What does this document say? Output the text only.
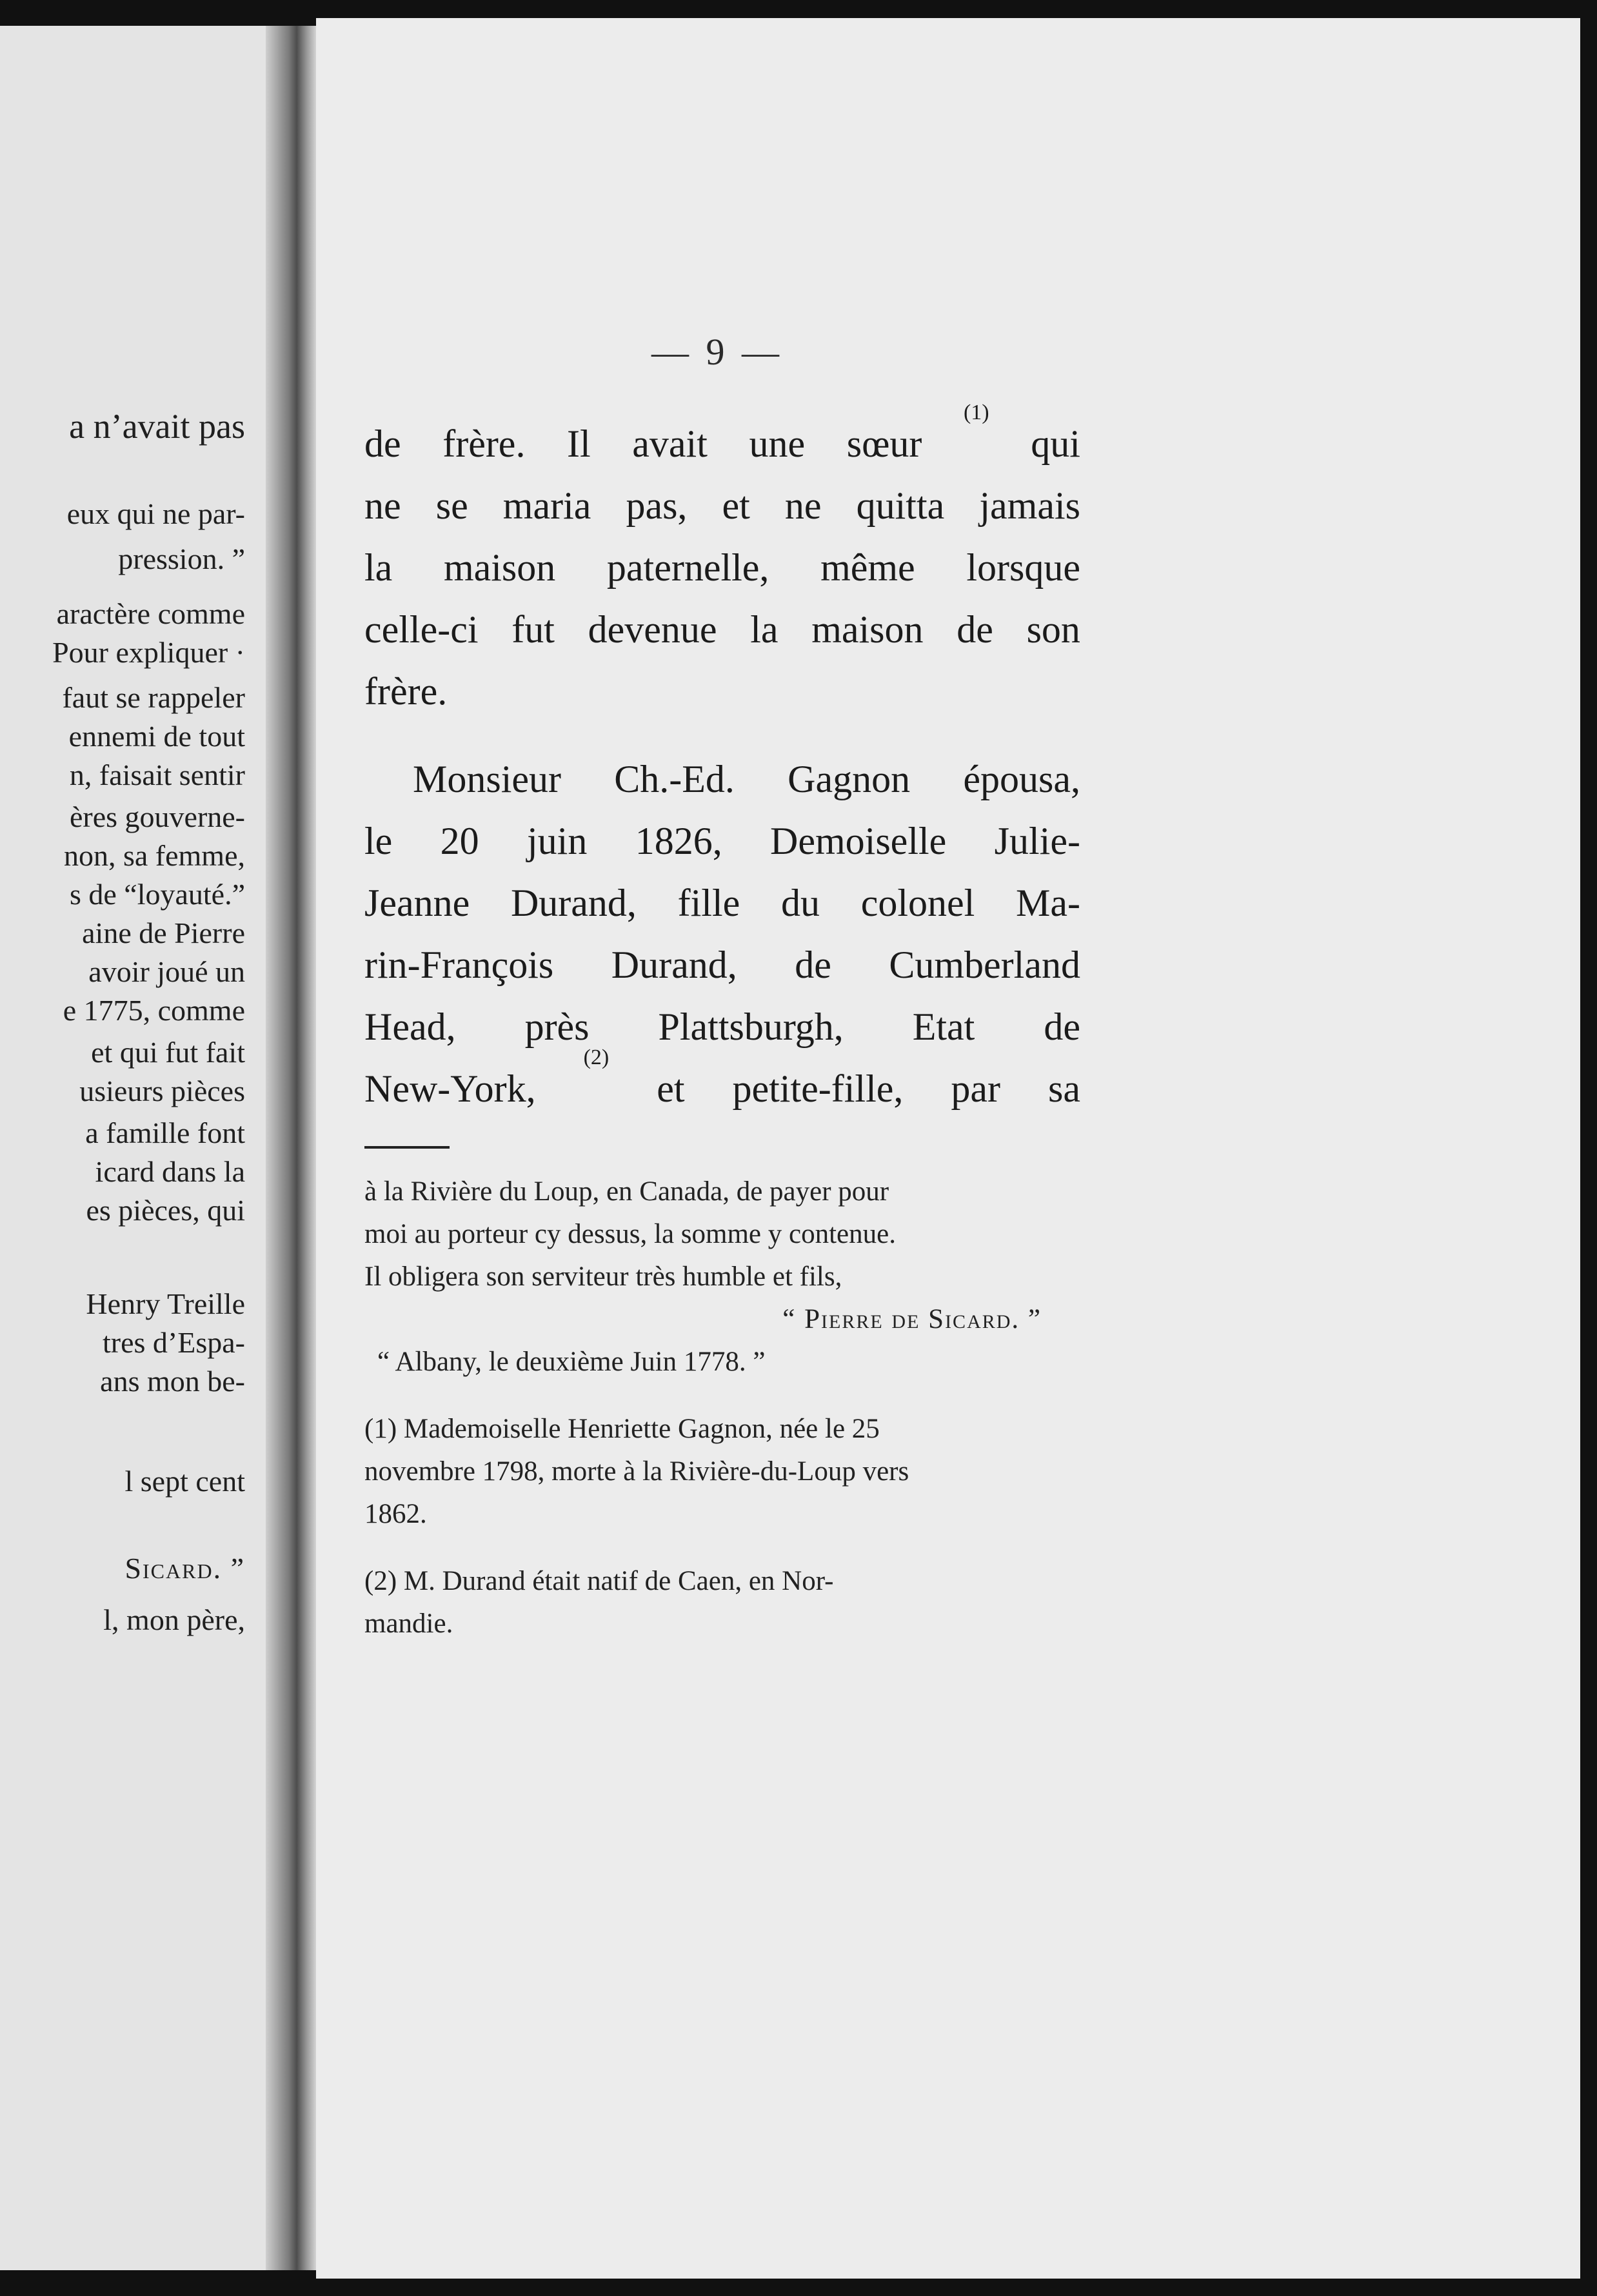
a n’avait pas
eux qui ne par-
pression. ”
aractère comme
Pour expliquer ·
faut se rappeler
ennemi de tout
n, faisait sentir
ères gouverne-
non, sa femme,
s de “loyauté.”
aine de Pierre
avoir joué un
e 1775, comme
et qui fut fait
usieurs pièces
a famille font
icard dans la
es pièces, qui
Henry Treille
tres d’Espa-
ans mon be-
l sept cent
Sicard. ”
l, mon père,
— 9 —
de frère. Il avait une sœur
(1)
qui
ne se maria pas, et ne quitta jamais
la maison paternelle, même lorsque
celle-ci fut devenue la maison de son
frère.
Monsieur Ch.-Ed. Gagnon épousa,
le 20 juin 1826, Demoiselle Julie-
Jeanne Durand, fille du colonel Ma-
rin-François Durand, de Cumberland
Head, près Plattsburgh, Etat de
New-York,
(2)
et petite-fille, par sa
à la Rivière du Loup, en Canada, de payer pour
moi au porteur cy dessus, la somme y contenue.
Il obligera son serviteur très humble et fils,
“ Pierre de Sicard. ”
“ Albany, le deuxième Juin 1778. ”
(1) Mademoiselle Henriette Gagnon, née le 25
novembre 1798, morte à la Rivière-du-Loup vers
1862.
(2) M. Durand était natif de Caen, en Nor-
mandie.
